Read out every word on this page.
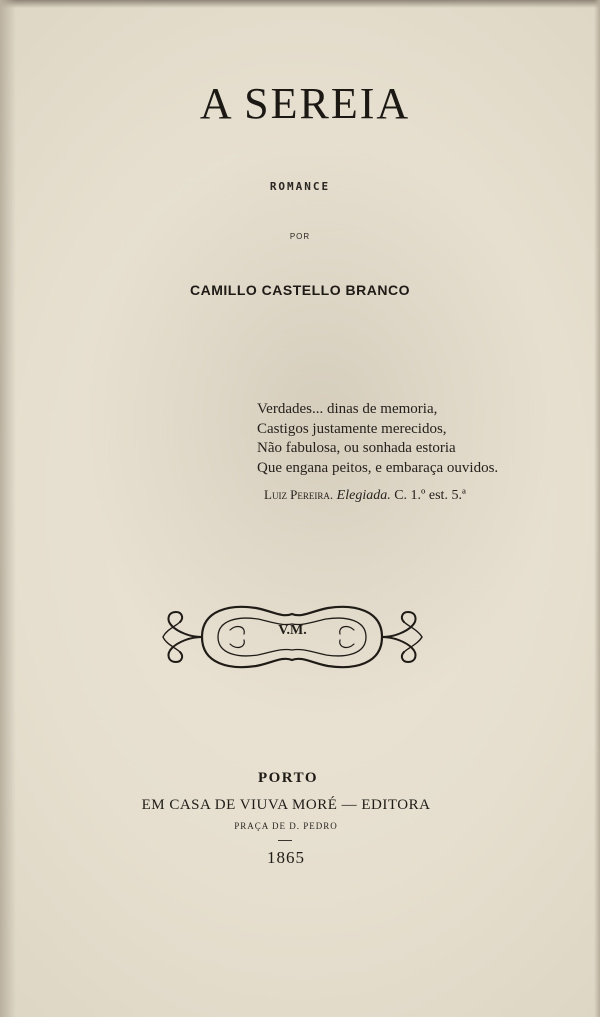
A SEREIA
ROMANCE
POR
CAMILLO CASTELLO BRANCO
Verdades... dinas de memoria,
Castigos justamente merecidos,
Não fabulosa, ou sonhada estoria
Que engana peitos, e embaraça ouvidos.
Luiz Pereira. Elegiada. C. 1.º est. 5.ª
V.M.
PORTO
EM CASA DE VIUVA MORÉ — EDITORA
PRAÇA DE D. PEDRO
1865
